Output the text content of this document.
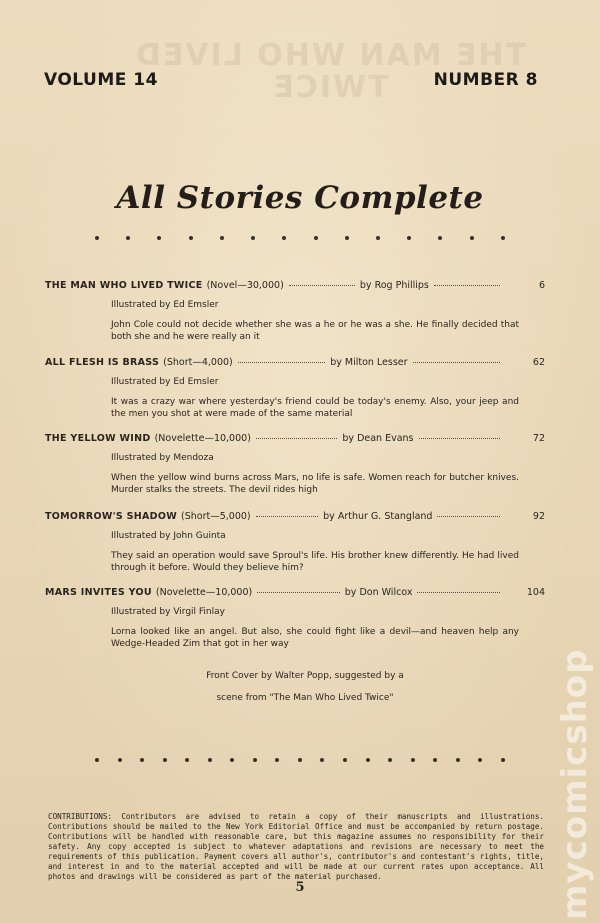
THE MAN WHO LIVED TWICE
VOLUME 14	NUMBER 8
All Stories Complete
THE MAN WHO LIVED TWICE (Novel—30,000)	by Rog Phillips	6
Illustrated by Ed Emsler
John Cole could not decide whether she was a he or he was a she. He finally decided that both she and he were really an it
ALL FLESH IS BRASS (Short—4,000)	by Milton Lesser	62
Illustrated by Ed Emsler
It was a crazy war where yesterday's friend could be today's enemy. Also, your jeep and the men you shot at were made of the same material
THE YELLOW WIND (Novelette—10,000)	by Dean Evans	72
Illustrated by Mendoza
When the yellow wind burns across Mars, no life is safe. Women reach for butcher knives. Murder stalks the streets. The devil rides high
TOMORROW'S SHADOW (Short—5,000)	by Arthur G. Stangland	92
Illustrated by John Guinta
They said an operation would save Sproul's life. His brother knew differently. He had lived through it before. Would they believe him?
MARS INVITES YOU (Novelette—10,000)	by Don Wilcox	104
Illustrated by Virgil Finlay
Lorna looked like an angel. But also, she could fight like a devil—and heaven help any Wedge-Headed Zim that got in her way
Front Cover by Walter Popp, suggested by a
scene from "The Man Who Lived Twice"
CONTRIBUTIONS: Contributors are advised to retain a copy of their manuscripts and illustrations. Contributions should be mailed to the New York Editorial Office and must be accompanied by return postage. Contributions will be handled with reasonable care, but this magazine assumes no responsibility for their safety. Any copy accepted is subject to whatever adaptations and revisions are necessary to meet the requirements of this publication. Payment covers all author's, contributor's and contestant's rights, title, and interest in and to the material accepted and will be made at our current rates upon acceptance. All photos and drawings will be considered as part of the material purchased.
5	mycomicshop
